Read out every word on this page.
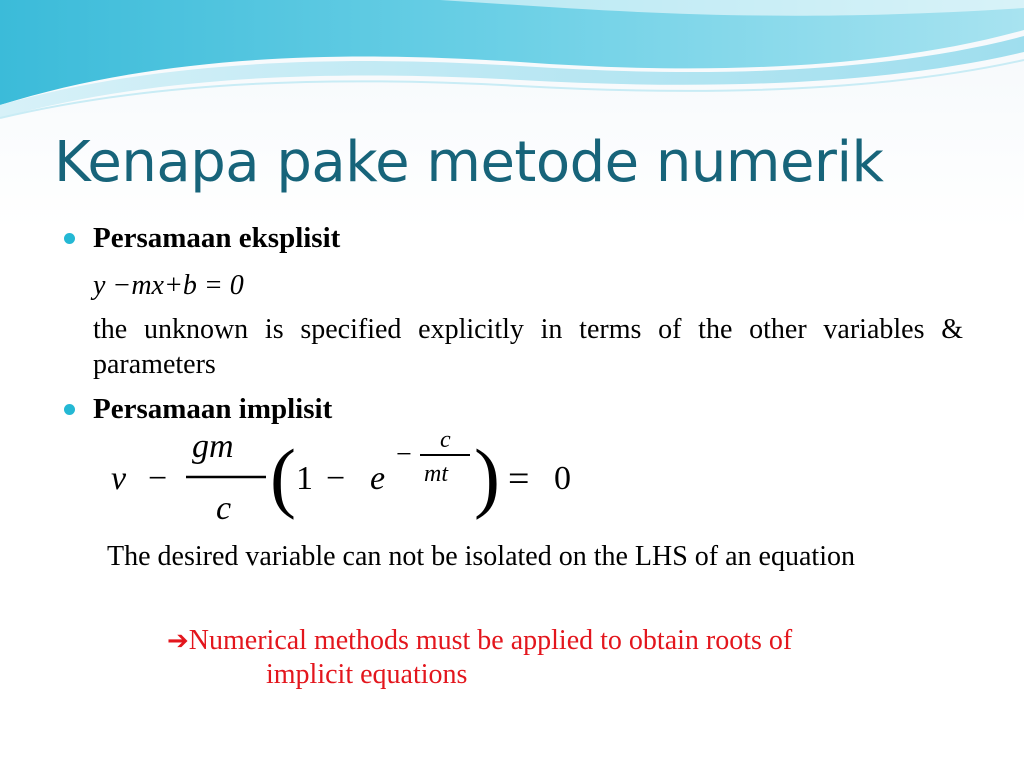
Kenapa pake metode numerik
Persamaan eksplisit
y −mx+b = 0
the unknown is specified explicitly in terms of the other variables & parameters
Persamaan implisit
v −
gm
c ( 1 − e
− c
mt ) = 0
The desired variable can not be isolated on the LHS of an equation
➔Numerical methods must be applied to obtain roots of
implicit equations
